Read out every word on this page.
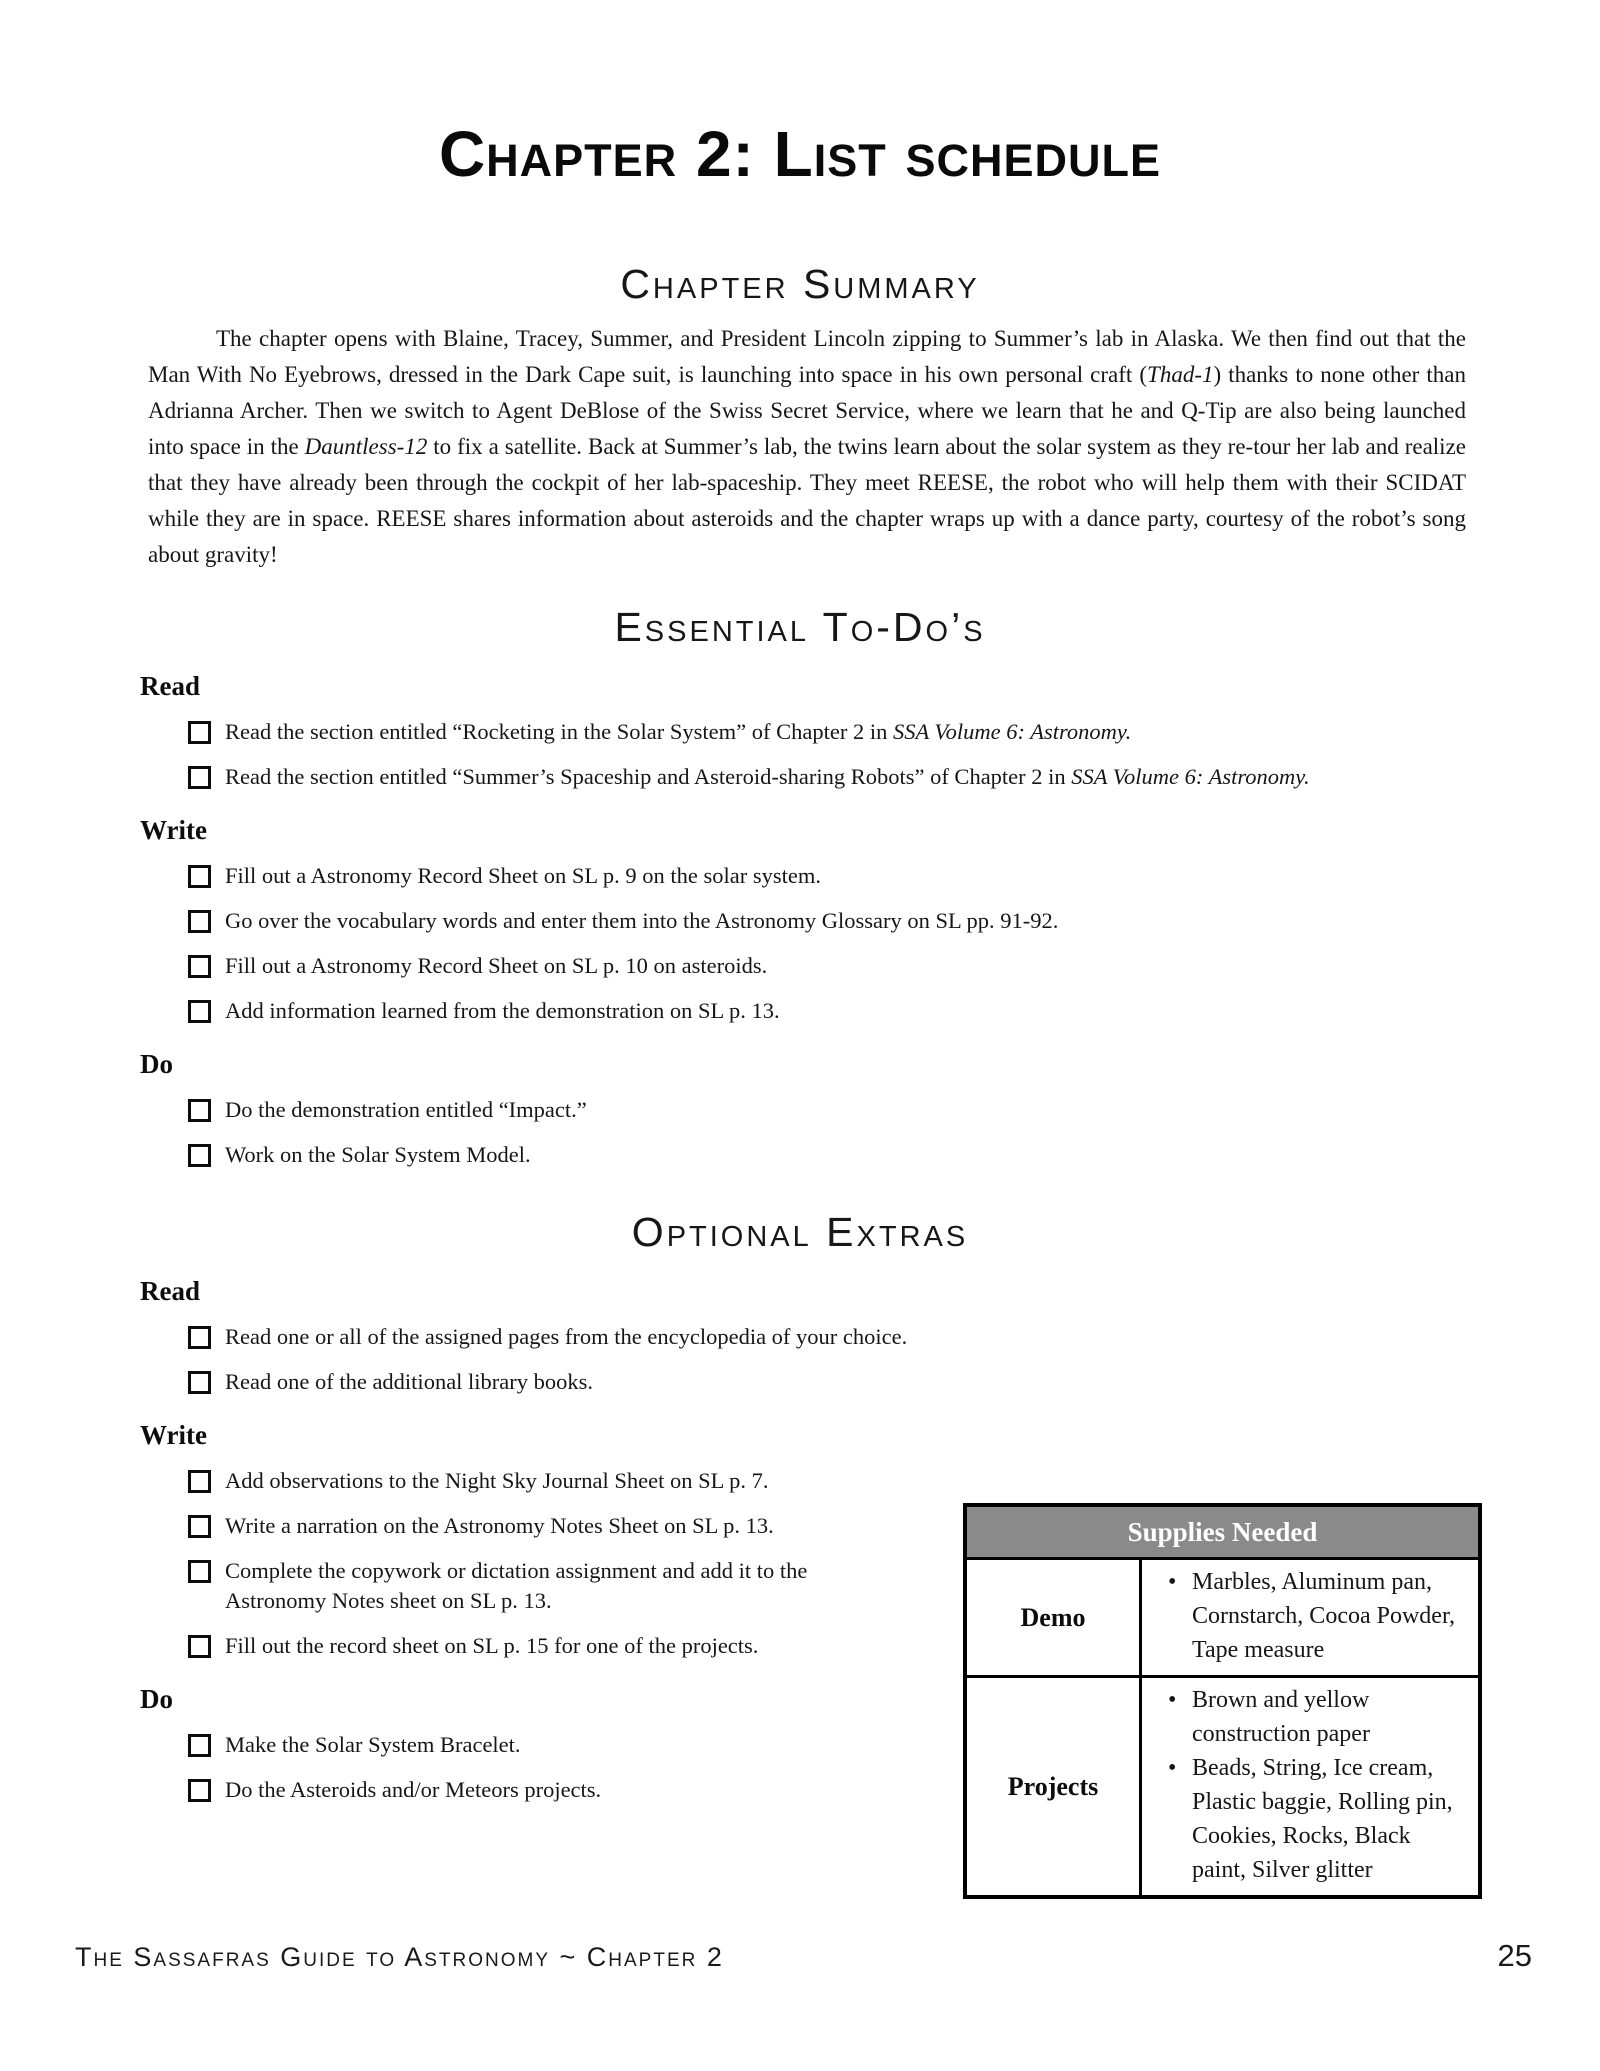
Chapter 2: List schedule
Chapter Summary

The chapter opens with Blaine, Tracey, Summer, and President Lincoln zipping to Summer’s lab in Alaska. We then find out that the Man With No Eyebrows, dressed in the Dark Cape suit, is launching into space in his own personal craft (Thad-1) thanks to none other than Adrianna Archer. Then we switch to Agent DeBlose of the Swiss Secret Service, where we learn that he and Q-Tip are also being launched into space in the Dauntless-12 to fix a satellite. Back at Summer’s lab, the twins learn about the solar system as they re-tour her lab and realize that they have already been through the cockpit of her lab-spaceship. They meet REESE, the robot who will help them with their SCIDAT while they are in space. REESE shares information about asteroids and the chapter wraps up with a dance party, courtesy of the robot’s song about gravity!

Essential To-Do’s
Read
Read the section entitled “Rocketing in the Solar System” of Chapter 2 in SSA Volume 6: Astronomy.
Read the section entitled “Summer’s Spaceship and Asteroid-sharing Robots” of Chapter 2 in SSA Volume 6: Astronomy.
Write
Fill out a Astronomy Record Sheet on SL p. 9 on the solar system.
Go over the vocabulary words and enter them into the Astronomy Glossary on SL pp. 91-92.
Fill out a Astronomy Record Sheet on SL p. 10 on asteroids.
Add information learned from the demonstration on SL p. 13.
Do
Do the demonstration entitled “Impact.”
Work on the Solar System Model.
Optional Extras
Read
Read one or all of the assigned pages from the encyclopedia of your choice.
Read one of the additional library books.
Write
Add observations to the Night Sky Journal Sheet on SL p. 7.
Write a narration on the Astronomy Notes Sheet on SL p. 13.
Complete the copywork or dictation assignment and add it to the
Astronomy Notes sheet on SL p. 13.
Fill out the record sheet on SL p. 15 for one of the projects.
Do
Make the Solar System Bracelet.
Do the Asteroids and/or Meteors projects.
Supplies Needed
Demo
• Marbles, Aluminum pan, Cornstarch, Cocoa Powder, Tape measure
Projects
• Brown and yellow construction paper
• Beads, String, Ice cream, Plastic baggie, Rolling pin, Cookies, Rocks, Black paint, Silver glitter
The Sassafras Guide to Astronomy ~ Chapter 2	25
